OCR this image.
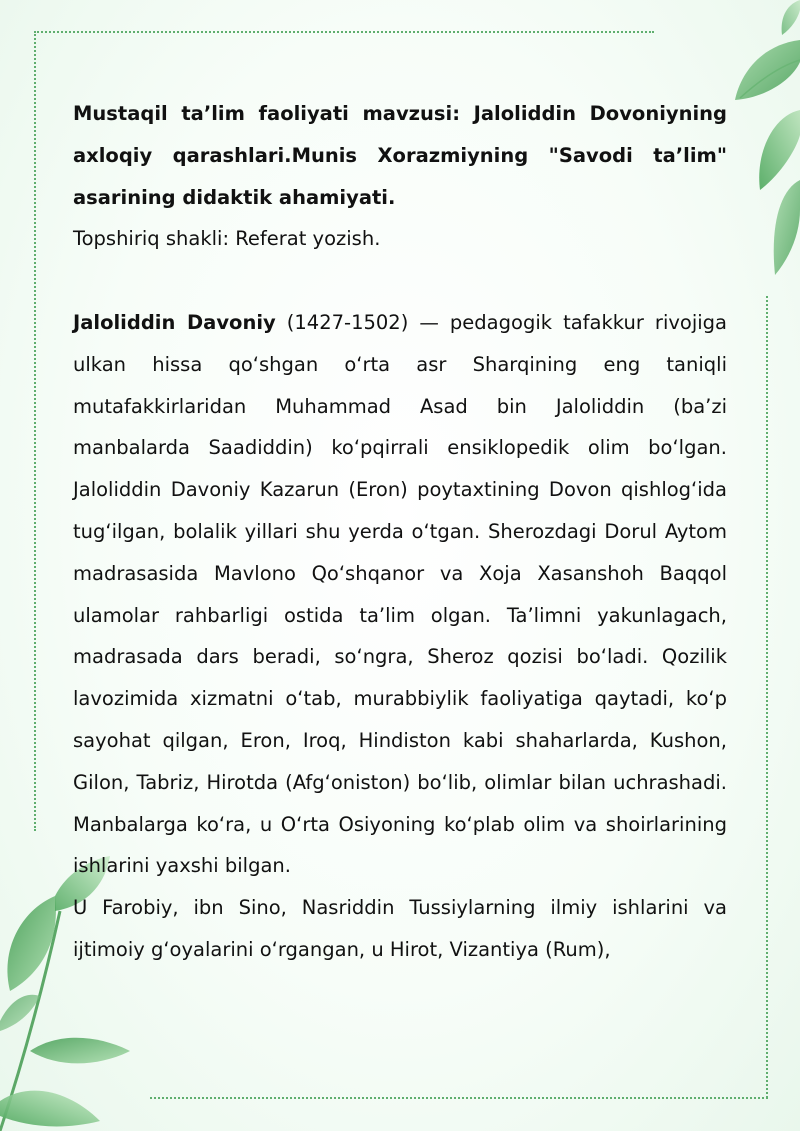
Mustaqil ta’lim faoliyati mavzusi: Jaloliddin Dovoniyning axloqiy qarashlari.Munis Xorazmiyning "Savodi ta’lim" asarining didaktik ahamiyati.

Topshiriq shakli: Referat yozish.

Jaloliddin Davoniy (1427-1502) — pedagogik tafakkur rivojiga ulkan hissa qo‘shgan o‘rta asr Sharqining eng taniqli mutafakkirlaridan Muhammad Asad bin Jaloliddin (ba’zi manbalarda Saadiddin) ko‘pqirrali ensiklopedik olim bo‘lgan. Jaloliddin Davoniy Kazarun (Eron) poytaxtining Dovon qishlog‘ida tug‘ilgan, bolalik yillari shu yerda o‘tgan. Sherozdagi Dorul Aytom madrasasida Mavlono Qo‘shqanor va Xoja Xasanshoh Baqqol ulamolar rahbarligi ostida ta’lim olgan. Ta’limni yakunlagach, madrasada dars beradi, so‘ngra, Sheroz qozisi bo‘ladi. Qozilik lavozimida xizmatni o‘tab, murabbiylik faoliyatiga qaytadi, ko‘p sayohat qilgan, Eron, Iroq, Hindiston kabi shaharlarda, Kushon, Gilon, Tabriz, Hirotda (Afg‘oniston) bo‘lib, olimlar bilan uchrashadi. Manbalarga ko‘ra, u O‘rta Osiyoning ko‘plab olim va shoirlarining ishlarini yaxshi bilgan.

U Farobiy, ibn Sino, Nasriddin Tussiylarning ilmiy ishlarini va ijtimoiy g‘oyalarini o‘rgangan, u Hirot, Vizantiya (Rum),
